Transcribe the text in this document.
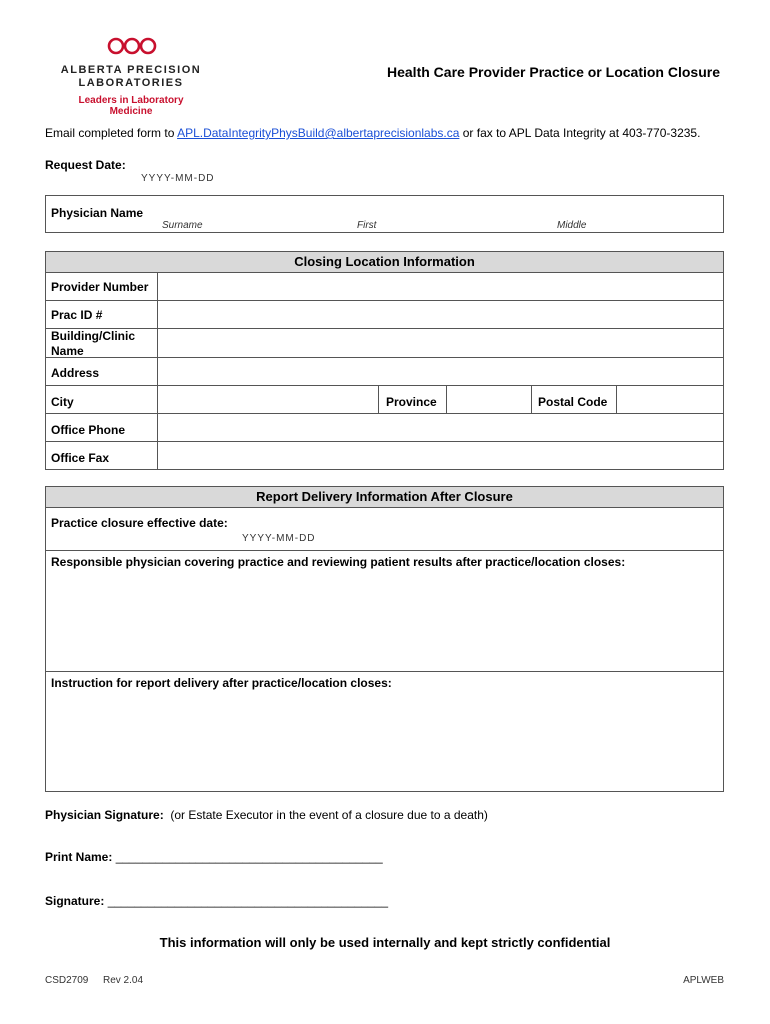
ALBERTA PRECISION
LABORATORIES
Leaders in Laboratory Medicine
Health Care Provider Practice or Location Closure
Email completed form to APL.DataIntegrityPhysBuild@albertaprecisionlabs.ca or fax to APL Data Integrity at 403-770-3235.
Request Date:
YYYY-MM-DD
Physician Name
Surname	First	Middle
Closing Location Information
Provider Number
Prac ID #
Building/Clinic Name
Address
City	Province	Postal Code
Office Phone
Office Fax
Report Delivery Information After Closure
Practice closure effective date:
YYYY-MM-DD
Responsible physician covering practice and reviewing patient results after practice/location closes:
Instruction for report delivery after practice/location closes:
Physician Signature: (or Estate Executor in the event of a closure due to a death)
Print Name: ________________________________________
Signature: __________________________________________
This information will only be used internally and kept strictly confidential
CSD2709 Rev 2.04	APLWEB
